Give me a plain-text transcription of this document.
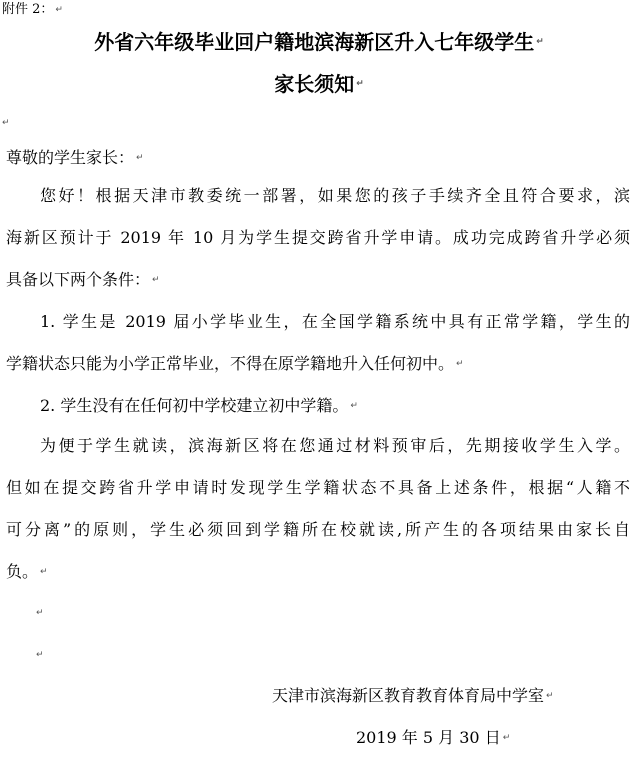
附件 2： ↵
外省六年级毕业回户籍地滨海新区升入七年级学生 ↵
家长须知 ↵
↵
尊敬的学生家长： ↵
您好！根据天津市教委统一部署，如果您的孩子手续齐全且符合要求，滨
海新区预计于 2019 年 10 月为学生提交跨省升学申请。成功完成跨省升学必须
具备以下两个条件： ↵
1. 学生是 2019 届小学毕业生，在全国学籍系统中具有正常学籍，学生的
学籍状态只能为小学正常毕业，不得在原学籍地升入任何初中。 ↵
2. 学生没有在任何初中学校建立初中学籍。 ↵
为便于学生就读，滨海新区将在您通过材料预审后，先期接收学生入学。
但如在提交跨省升学申请时发现学生学籍状态不具备上述条件，根据“人籍不
可分离”的原则，学生必须回到学籍所在校就读,所产生的各项结果由家长自
负。 ↵
↵
↵
天津市滨海新区教育教育体育局中学室 ↵
2019 年 5 月 30 日 ↵
